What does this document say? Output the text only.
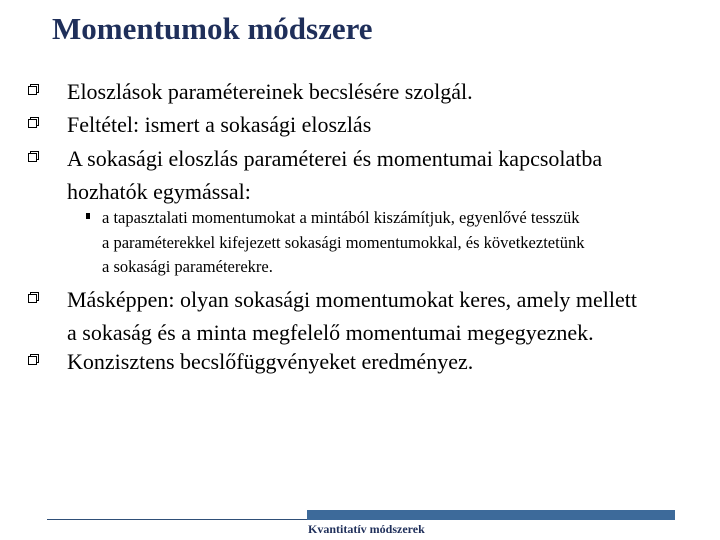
Momentumok módszere
Eloszlások paramétereinek becslésére szolgál.
Feltétel: ismert a sokasági eloszlás
A sokasági eloszlás paraméterei és momentumai kapcsolatba
hozhatók egymással:
a tapasztalati momentumokat a mintából kiszámítjuk, egyenlővé tesszük
a paraméterekkel kifejezett sokasági momentumokkal, és következtetünk
a sokasági paraméterekre.
Másképpen: olyan sokasági momentumokat keres, amely mellett
a sokaság és a minta megfelelő momentumai megegyeznek.
Konzisztens becslőfüggvényeket eredményez.
Kvantitatív módszerek
